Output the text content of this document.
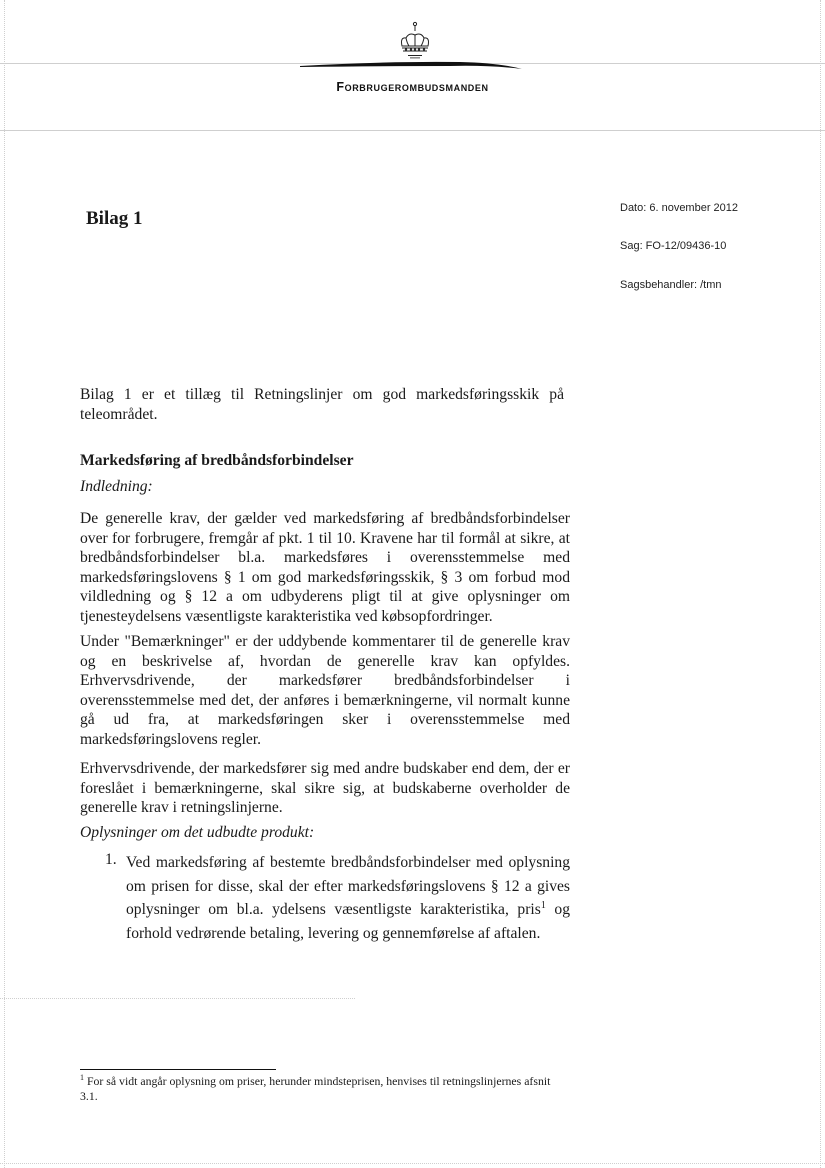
Forbrugerombudsmanden
Dato: 6. november 2012
Sag: FO-12/09436-10
Sagsbehandler: /tmn
Bilag 1
Bilag 1 er et tillæg til Retningslinjer om god markedsføringsskik på teleområdet.
Markedsføring af bredbåndsforbindelser
Indledning:
De generelle krav, der gælder ved markedsføring af bredbåndsforbindelser over for forbrugere, fremgår af pkt. 1 til 10. Kravene har til formål at sikre, at bredbåndsforbindelser bl.a. markedsføres i overensstemmelse med markedsføringslovens § 1 om god markedsføringsskik, § 3 om forbud mod vildledning og § 12 a om udbyderens pligt til at give oplysninger om tjenesteydelsens væsentligste karakteristika ved købsopfordringer.
Under "Bemærkninger" er der uddybende kommentarer til de generelle krav og en beskrivelse af, hvordan de generelle krav kan opfyldes. Erhvervsdrivende, der markedsfører bredbåndsforbindelser i overensstemmelse med det, der anføres i bemærkningerne, vil normalt kunne gå ud fra, at markedsføringen sker i overensstemmelse med markedsføringslovens regler.
Erhvervsdrivende, der markedsfører sig med andre budskaber end dem, der er foreslået i bemærkningerne, skal sikre sig, at budskaberne overholder de generelle krav i retningslinjerne.
Oplysninger om det udbudte produkt:
1. Ved markedsføring af bestemte bredbåndsforbindelser med oplysning om prisen for disse, skal der efter markedsføringslovens § 12 a gives oplysninger om bl.a. ydelsens væsentligste karakteristika, pris$^1$ og forhold vedrørende betaling, levering og gennemførelse af aftalen.
$^1$ For så vidt angår oplysning om priser, herunder mindsteprisen, henvises til retningslinjernes afsnit 3.1.
